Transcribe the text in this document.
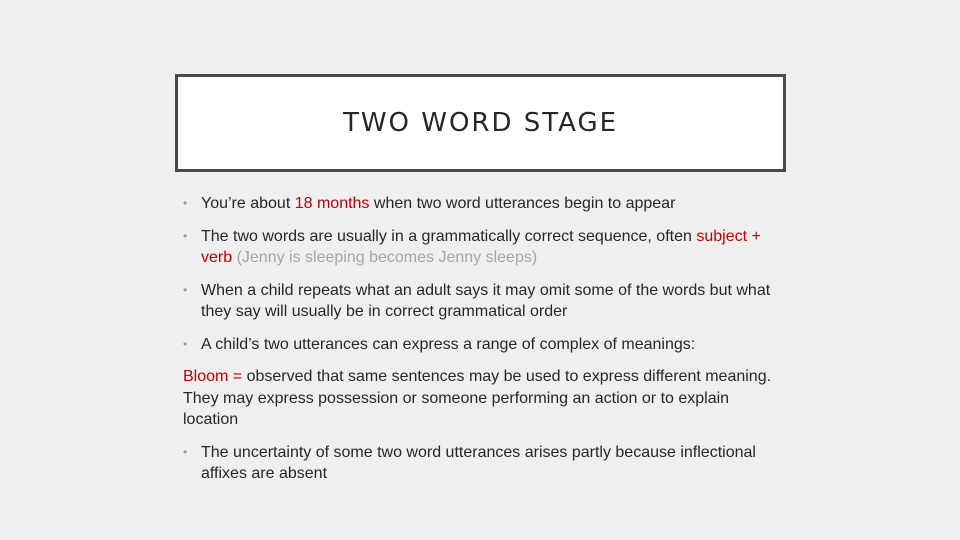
TWO WORD STAGE
• You’re about 18 months when two word utterances begin to appear
• The two words are usually in a grammatically correct sequence, often subject + verb (Jenny is sleeping becomes Jenny sleeps)
• When a child repeats what an adult says it may omit some of the words but what they say will usually be in correct grammatical order
• A child’s two utterances can express a range of complex of meanings:
Bloom = observed that same sentences may be used to express different meaning. They may express possession or someone performing an action or to explain location
• The uncertainty of some two word utterances arises partly because inflectional affixes are absent
